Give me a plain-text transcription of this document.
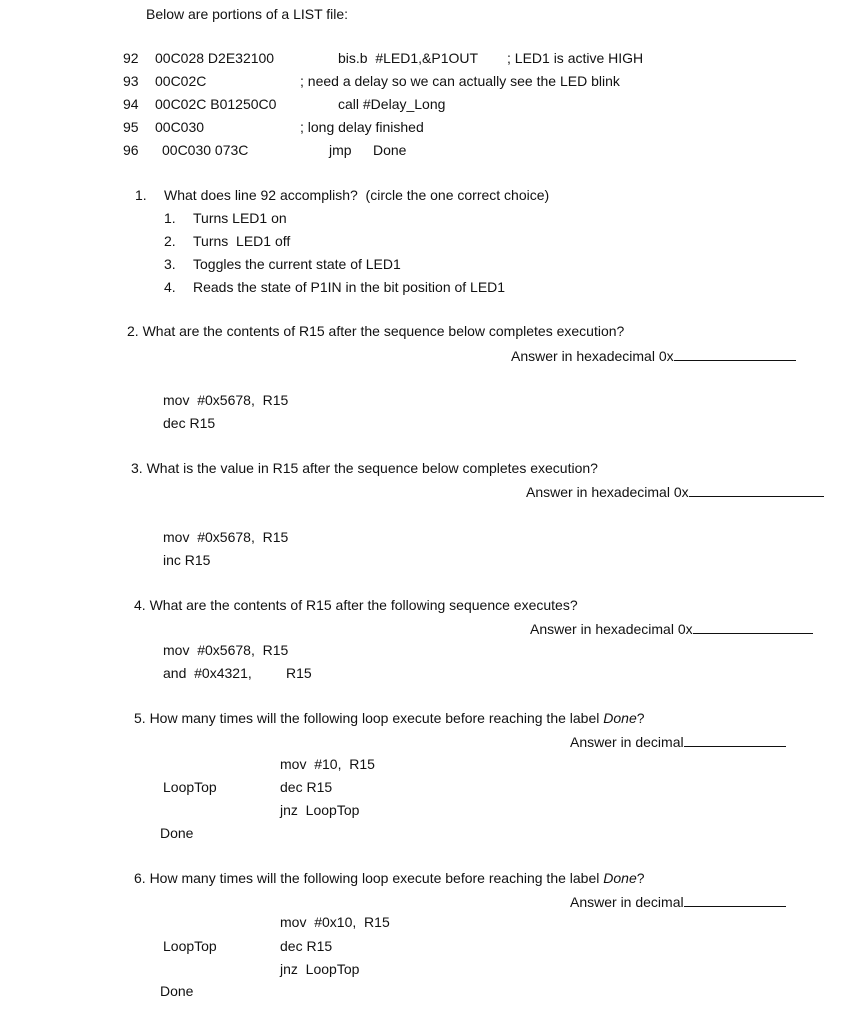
Below are portions of a LIST file:
92 00C028 D2E32100	bis.b  #LED1,&P1OUT ; LED1 is active HIGH
93 00C02C	; need a delay so we can actually see the LED blink
94 00C02C B01250C0	call #Delay_Long
95 00C030	; long delay finished
96 00C030 073C	jmp Done
1. What does line 92 accomplish?  (circle the one correct choice)
1. Turns LED1 on
2. Turns  LED1 off
3. Toggles the current state of LED1
4. Reads the state of P1IN in the bit position of LED1
2. What are the contents of R15 after the sequence below completes execution?
Answer in hexadecimal 0x
mov  #0x5678,  R15
dec R15
3. What is the value in R15 after the sequence below completes execution?
Answer in hexadecimal 0x
mov  #0x5678,  R15
inc R15
4. What are the contents of R15 after the following sequence executes?
Answer in hexadecimal 0x
mov  #0x5678,  R15
and  #0x4321, R15
5. How many times will the following loop execute before reaching the label Done?
Answer in decimal
mov  #10,  R15
LoopTop	dec R15
jnz  LoopTop
Done
6. How many times will the following loop execute before reaching the label Done?
Answer in decimal
mov  #0x10,  R15
LoopTop	dec R15
jnz  LoopTop
Done
